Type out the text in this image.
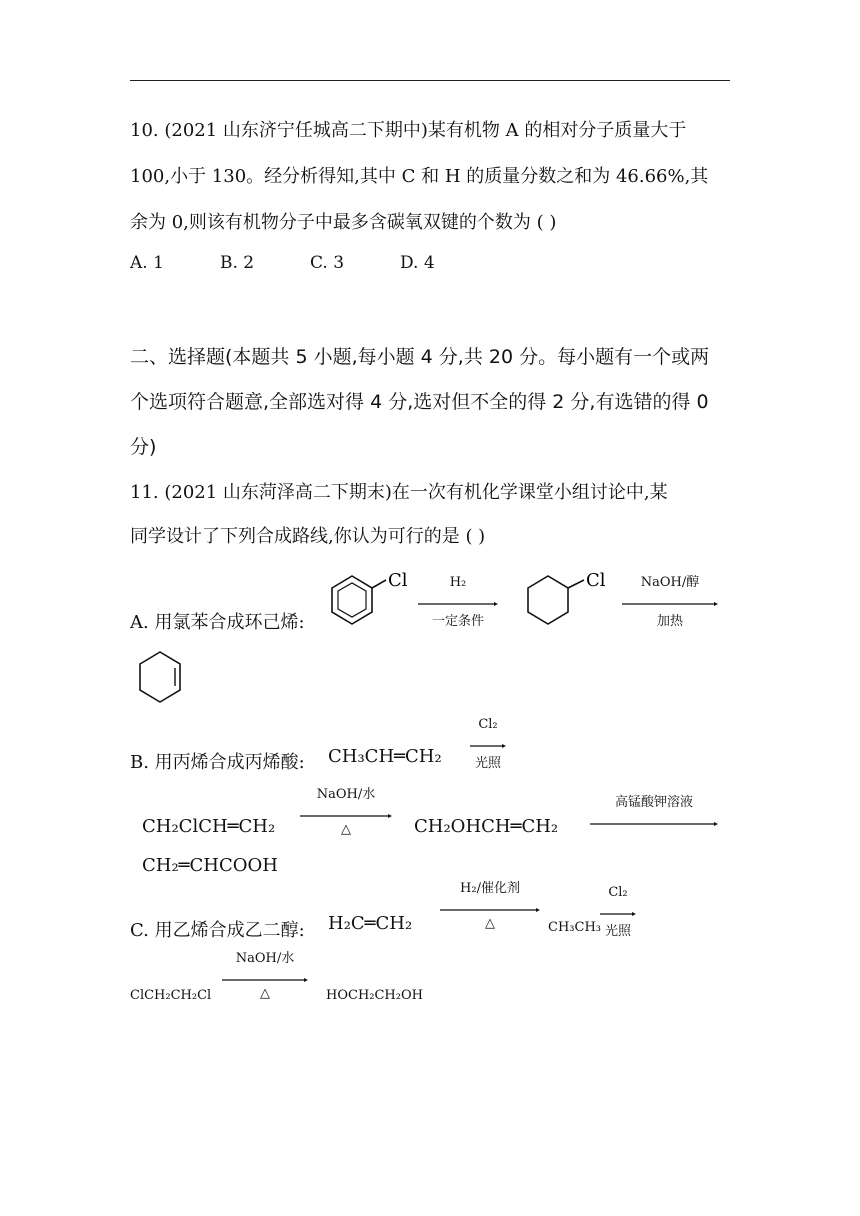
10. (2021 山东济宁任城高二下期中)某有机物 A 的相对分子质量大于
100,小于 130。经分析得知,其中 C 和 H 的质量分数之和为 46.66%,其
余为 0,则该有机物分子中最多含碳氧双键的个数为 ( )
A. 1	B. 2	C. 3	D. 4
二、选择题(本题共 5 小题,每小题 4 分,共 20 分。每小题有一个或两
个选项符合题意,全部选对得 4 分,选对但不全的得 2 分,有选错的得 0
分)
11. (2021 山东菏泽高二下期末)在一次有机化学课堂小组讨论中,某
同学设计了下列合成路线,你认为可行的是 ( )
A. 用氯苯合成环己烯:
Cl	H₂
一定条件
Cl	NaOH/醇
加热
B. 用丙烯合成丙烯酸: CH₃CH═CH₂
Cl₂
光照
CH₂ClCH═CH₂
NaOH/水
△	CH₂OHCH═CH₂
高锰酸钾溶液
CH₂═CHCOOH
C. 用乙烯合成乙二醇: H₂C═CH₂
H₂/催化剂
△	CH₃CH₃
Cl₂
光照
ClCH₂CH₂Cl
NaOH/水
△	HOCH₂CH₂OH
